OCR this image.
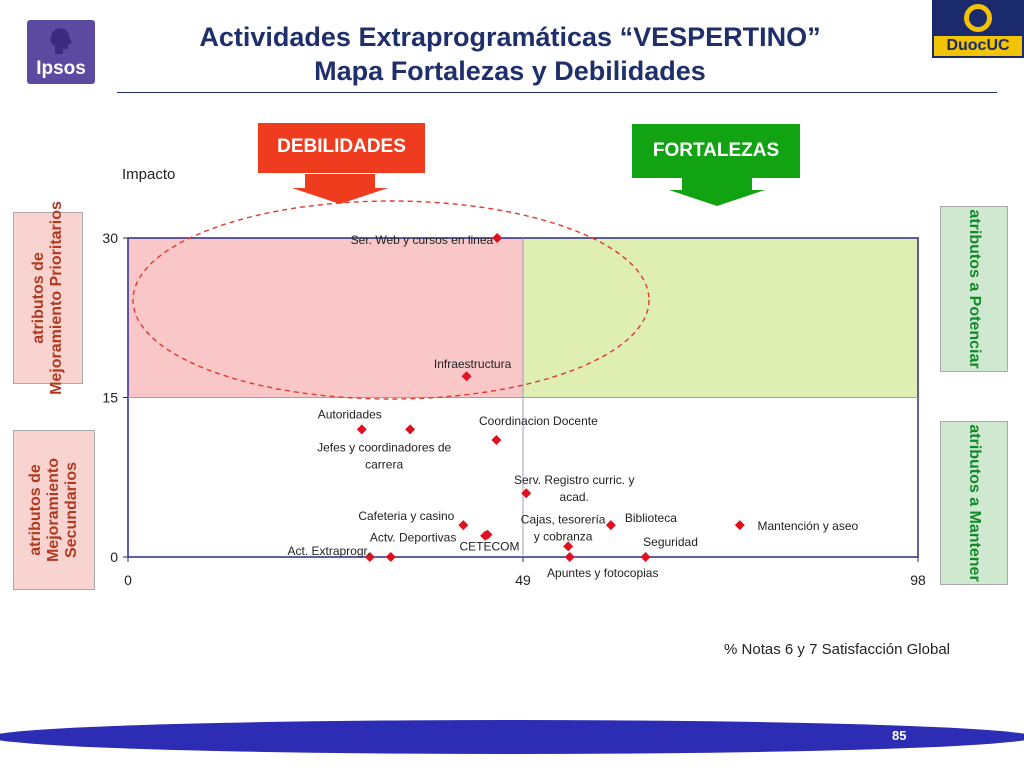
Ipsos
DuocUC
Actividades Extraprogramáticas “VESPERTINO”
Mapa Fortalezas y Debilidades
DEBILIDADES	FORTALEZAS
atributos de Mejoramiento Prioritarios
atributos de Mejoramiento Secundarios
atributos a Potenciar
atributos a Mantener
Impacto
% Notas 6 y 7 Satisfacción Global
0
15
30
0	49	98
Ser. Web y cursos en linea
Infraestructura
Autoridades
Jefes y coordinadores de carrera
Coordinacion Docente
Serv. Registro curric. y acad.
Cafeteria y casino
Actv. Deportivas
CETECOM
Cajas, tesorería y cobranza
Biblioteca
Mantención y aseo
Seguridad
Apuntes y fotocopias
Act. Extraprogr.
85
